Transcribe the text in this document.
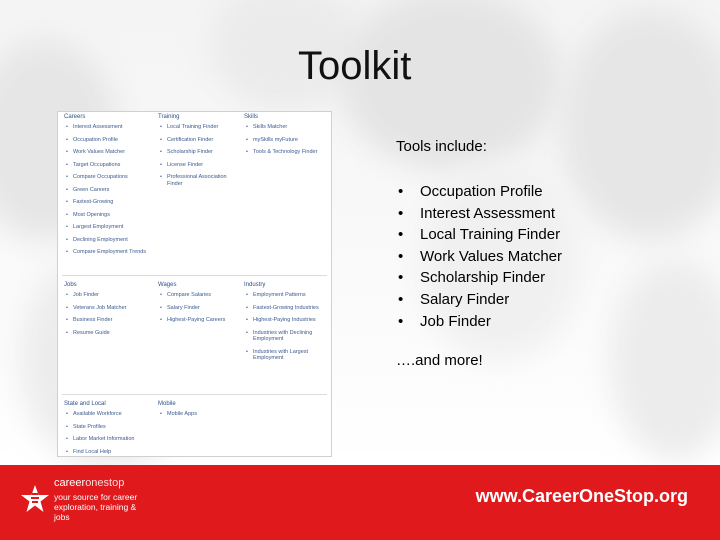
Toolkit
Careers
• Interest Assessment
• Occupation Profile
• Work Values Matcher
• Target Occupations
• Compare Occupations
• Green Careers
• Fastest-Growing
• Most Openings
• Largest Employment
• Declining Employment
• Compare Employment Trends
Training
• Local Training Finder
• Certification Finder
• Scholarship Finder
• License Finder
• Professional Association Finder
Skills
• Skills Matcher
• mySkills myFuture
• Tools & Technology Finder
Jobs
• Job Finder
• Veterans Job Matcher
• Business Finder
• Resume Guide
Wages
• Compare Salaries
• Salary Finder
• Highest-Paying Careers
Industry
• Employment Patterns
• Fastest-Growing Industries
• Highest-Paying Industries
• Industries with Declining Employment
• Industries with Largest Employment
State and Local
• Available Workforce
• State Profiles
• Labor Market Information
• Find Local Help
Mobile
• Mobile Apps
Tools include:
• Occupation Profile
• Interest Assessment
• Local Training Finder
• Work Values Matcher
• Scholarship Finder
• Salary Finder
• Job Finder
….and more!
careeronestop
your source for career exploration, training & jobs
www.CareerOneStop.org
